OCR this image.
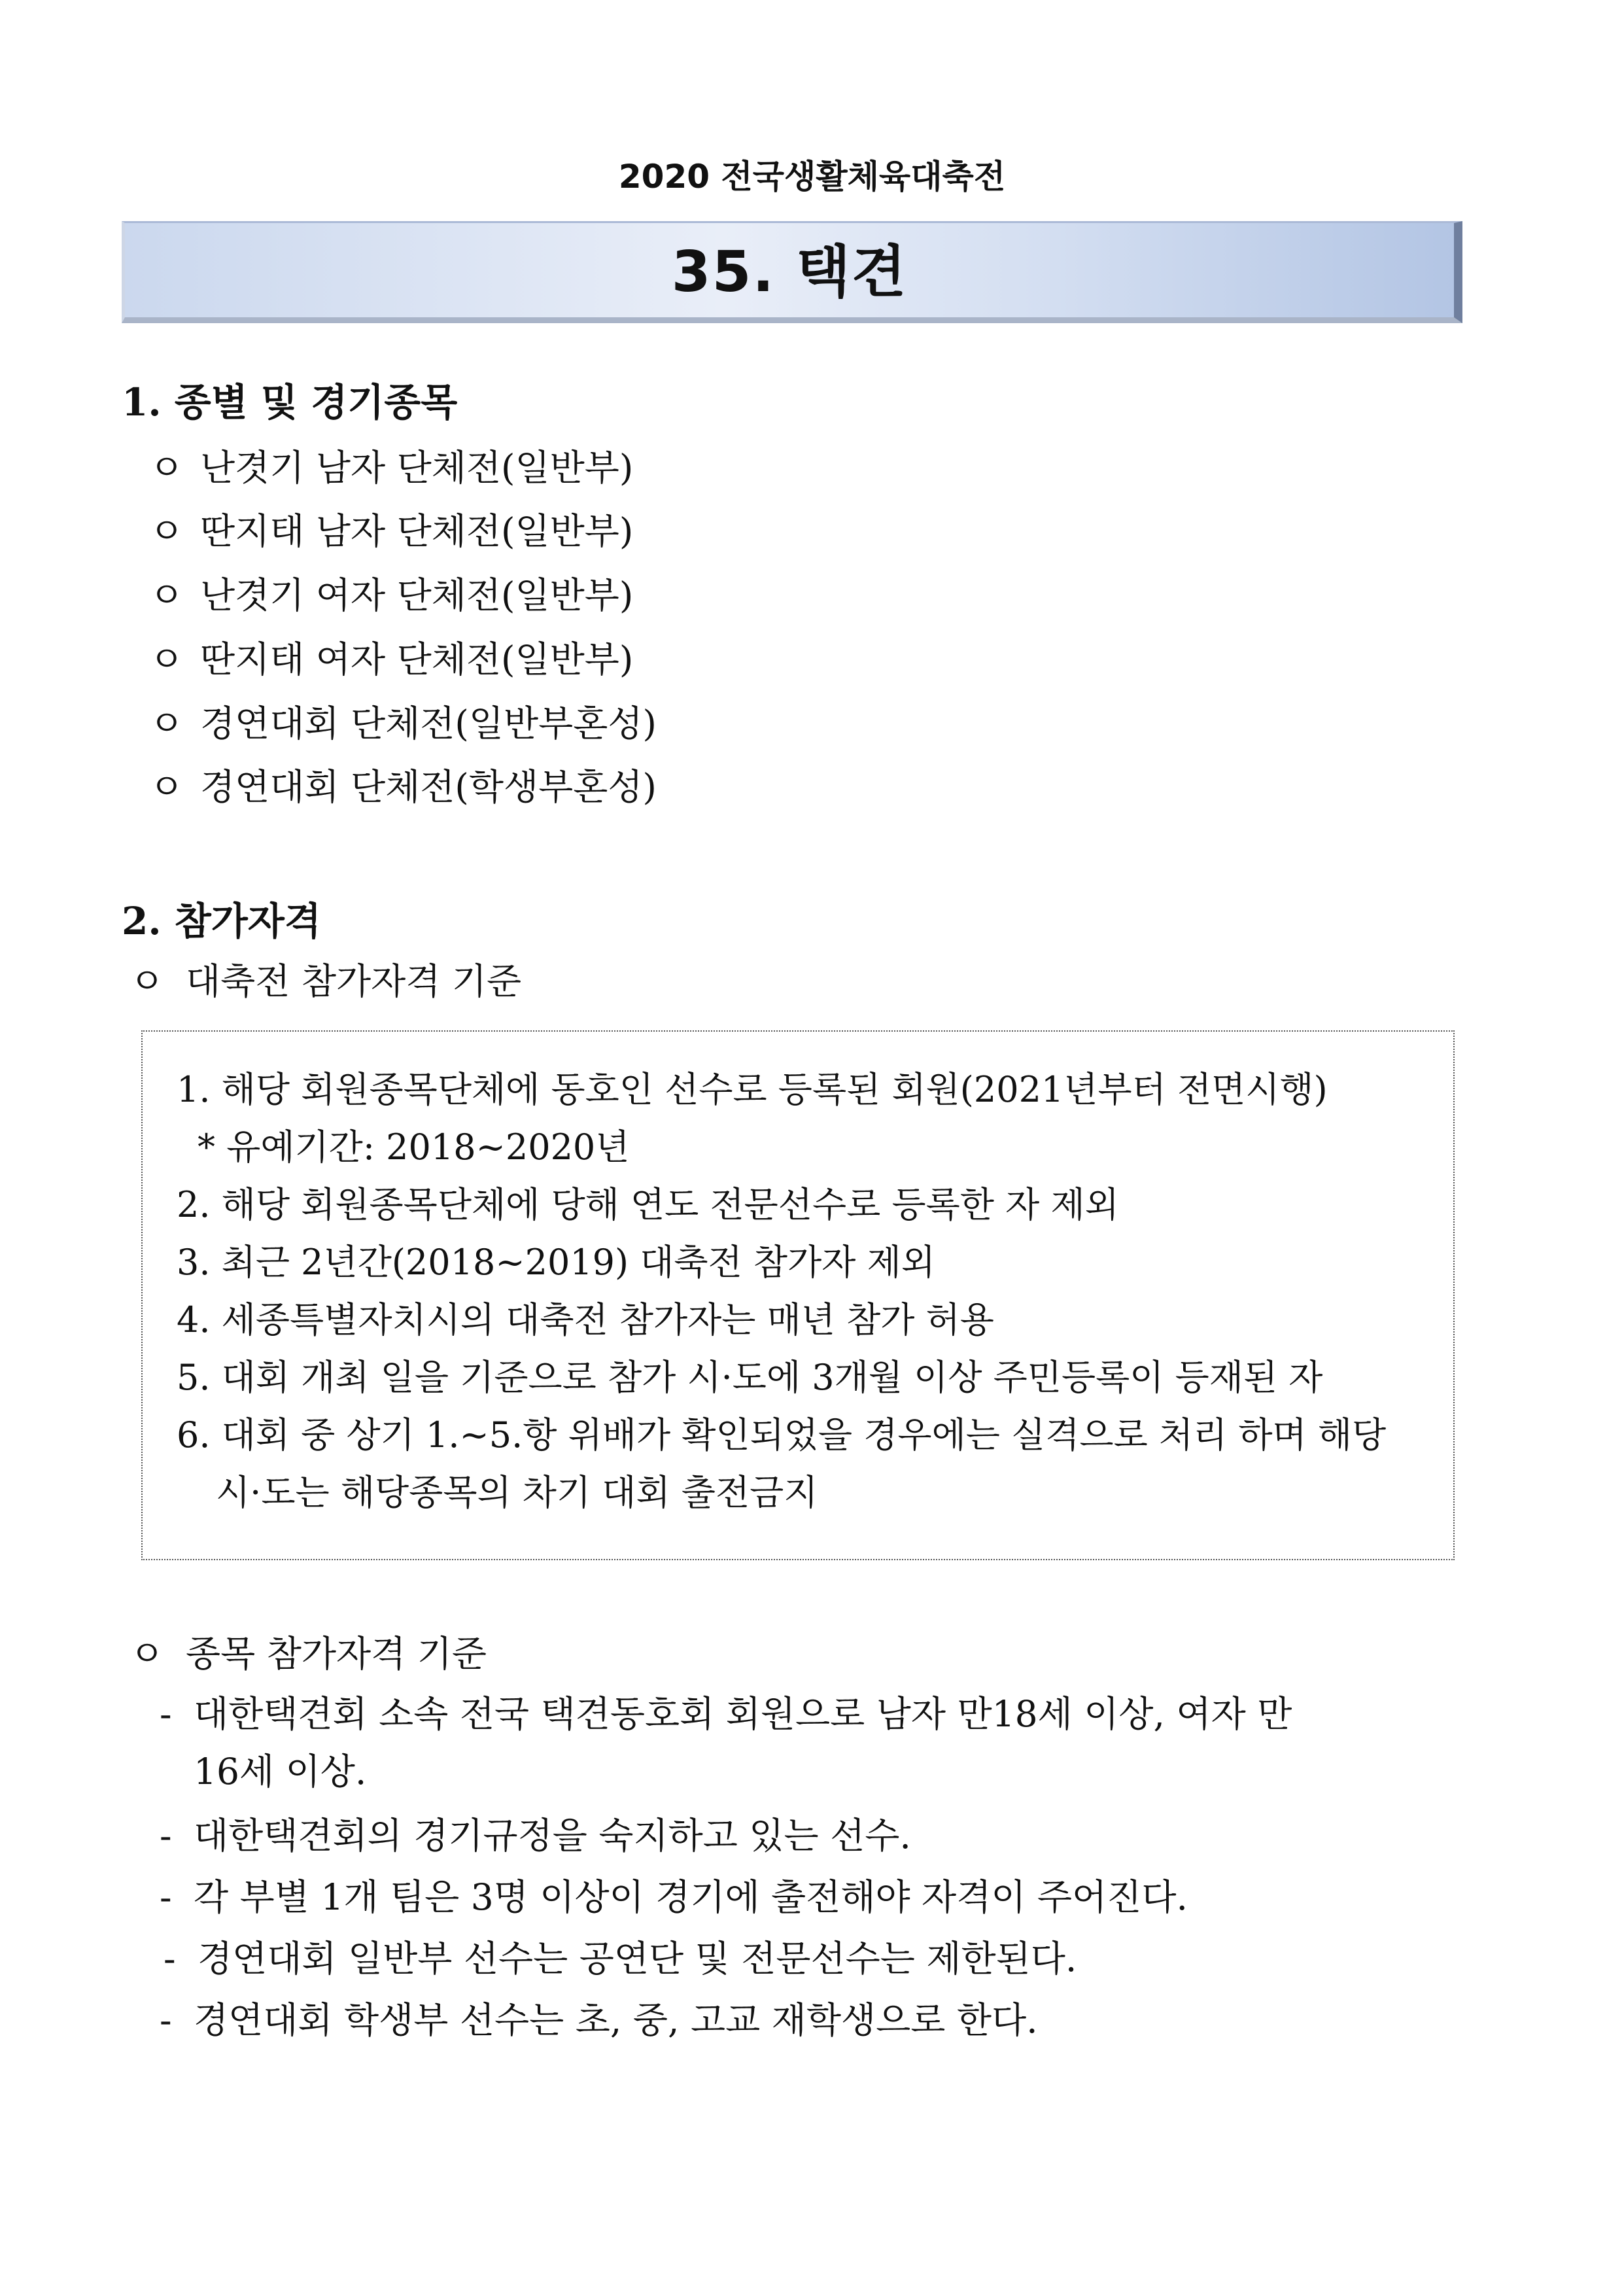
2020 전국생활체육대축전
35. 택견
1. 종별 및 경기종목
ㅇ 난겻기 남자 단체전(일반부)
ㅇ 딴지태 남자 단체전(일반부)
ㅇ 난겻기 여자 단체전(일반부)
ㅇ 딴지태 여자 단체전(일반부)
ㅇ 경연대회 단체전(일반부혼성)
ㅇ 경연대회 단체전(학생부혼성)
2. 참가자격
ㅇ 대축전 참가자격 기준
1. 해당 회원종목단체에 동호인 선수로 등록된 회원(2021년부터 전면시행)
* 유예기간: 2018~2020년
2. 해당 회원종목단체에 당해 연도 전문선수로 등록한 자 제외
3. 최근 2년간(2018~2019) 대축전 참가자 제외
4. 세종특별자치시의 대축전 참가자는 매년 참가 허용
5. 대회 개최 일을 기준으로 참가 시·도에 3개월 이상 주민등록이 등재된 자
6. 대회 중 상기 1.~5.항 위배가 확인되었을 경우에는 실격으로 처리 하며 해당
시·도는 해당종목의 차기 대회 출전금지
ㅇ 종목 참가자격 기준
- 대한택견회 소속 전국 택견동호회 회원으로 남자 만18세 이상, 여자 만
16세 이상.
- 대한택견회의 경기규정을 숙지하고 있는 선수.
- 각 부별 1개 팀은 3명 이상이 경기에 출전해야 자격이 주어진다.
- 경연대회 일반부 선수는 공연단 및 전문선수는 제한된다.
- 경연대회 학생부 선수는 초, 중, 고교 재학생으로 한다.
